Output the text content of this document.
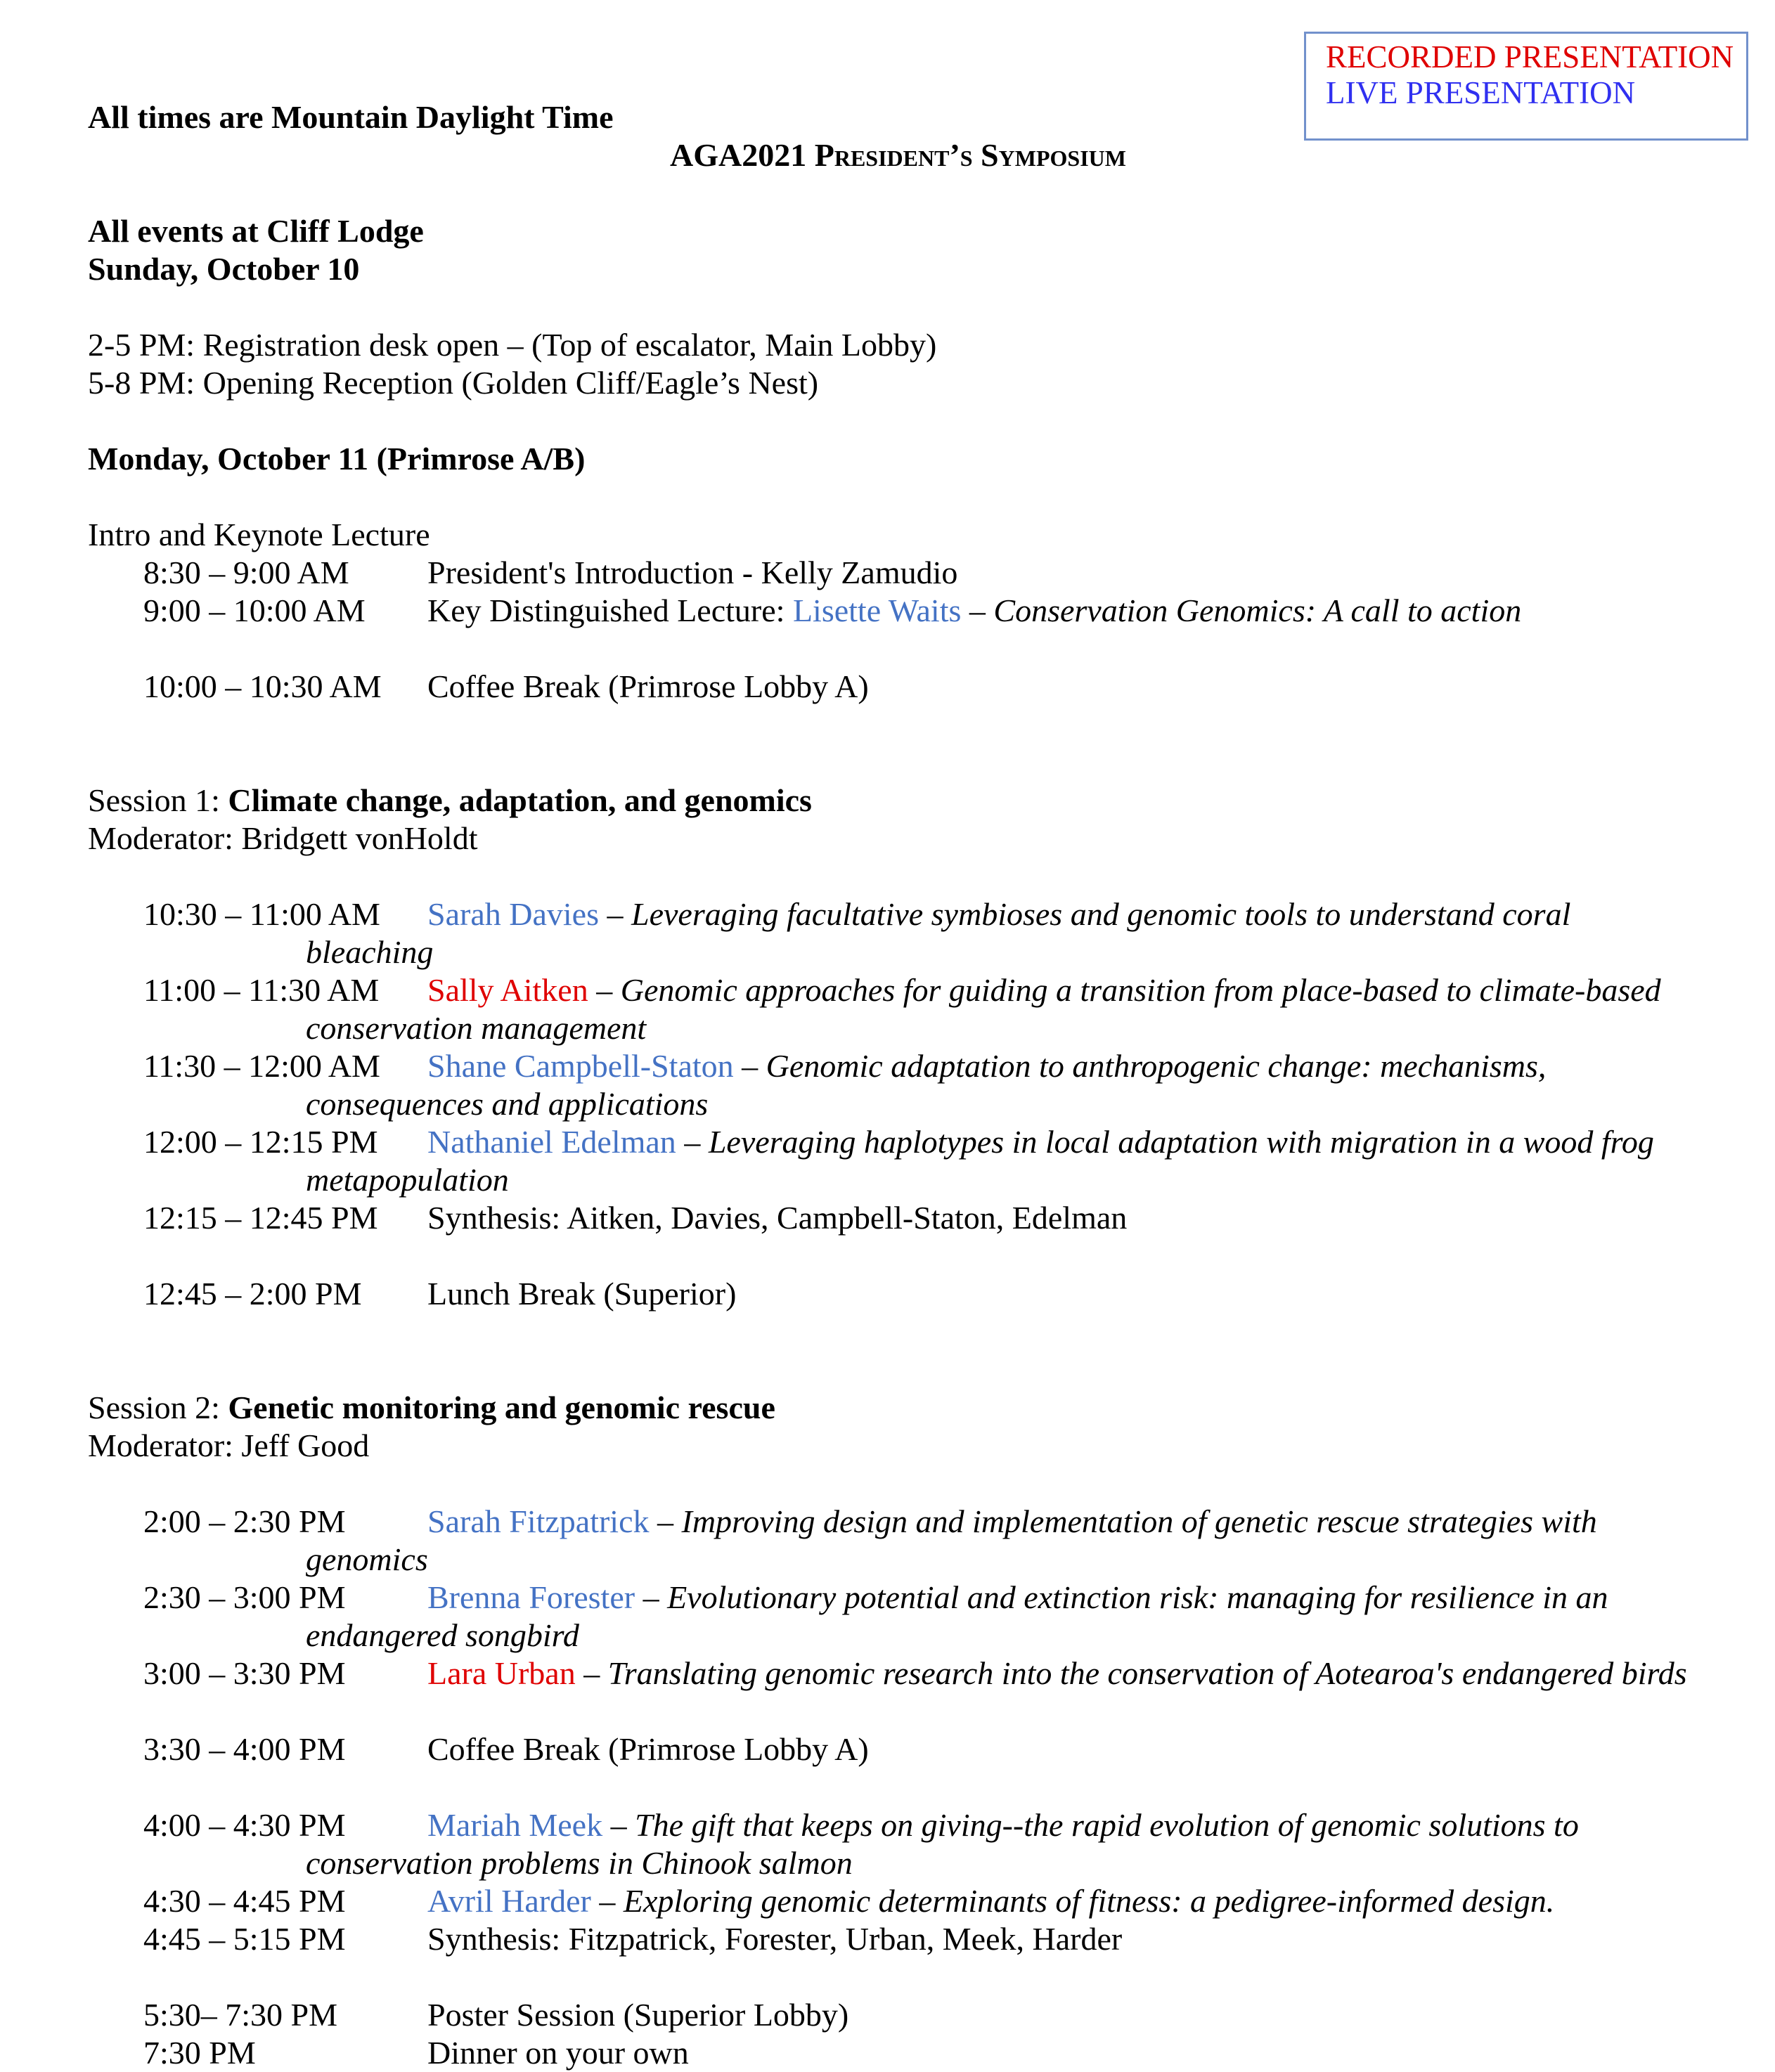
RECORDED PRESENTATION
LIVE PRESENTATION

All times are Mountain Daylight Time

AGA2021 President’s Symposium

All events at Cliff Lodge

Sunday, October 10

2-5 PM: Registration desk open – (Top of escalator, Main Lobby)

5-8 PM: Opening Reception (Golden Cliff/Eagle’s Nest)

Monday, October 11 (Primrose A/B)

Intro and Keynote Lecture

8:30 – 9:00 AM President's Introduction - Kelly Zamudio

9:00 – 10:00 AM Key Distinguished Lecture: Lisette Waits – Conservation Genomics: A call to action

10:00 – 10:30 AM Coffee Break (Primrose Lobby A)

Session 1: Climate change, adaptation, and genomics

Moderator: Bridgett vonHoldt

10:30 – 11:00 AM Sarah Davies – Leveraging facultative symbioses and genomic tools to understand coral
bleaching

11:00 – 11:30 AM Sally Aitken – Genomic approaches for guiding a transition from place-based to climate-based
conservation management

11:30 – 12:00 AM Shane Campbell-Staton – Genomic adaptation to anthropogenic change: mechanisms,
consequences and applications

12:00 – 12:15 PM Nathaniel Edelman – Leveraging haplotypes in local adaptation with migration in a wood frog
metapopulation

12:15 – 12:45 PM Synthesis: Aitken, Davies, Campbell-Staton, Edelman

12:45 – 2:00 PM Lunch Break (Superior)

Session 2: Genetic monitoring and genomic rescue

Moderator: Jeff Good

2:00 – 2:30 PM	Sarah Fitzpatrick – Improving design and implementation of genetic rescue strategies with
genomics

2:30 – 3:00 PM	Brenna Forester – Evolutionary potential and extinction risk: managing for resilience in an
endangered songbird

3:00 – 3:30 PM	Lara Urban – Translating genomic research into the conservation of Aotearoa's endangered birds

3:30 – 4:00 PM	Coffee Break (Primrose Lobby A)

4:00 – 4:30 PM	Mariah Meek – The gift that keeps on giving--the rapid evolution of genomic solutions to
conservation problems in Chinook salmon

4:30 – 4:45 PM	Avril Harder – Exploring genomic determinants of fitness: a pedigree-informed design.

4:45 – 5:15 PM	Synthesis: Fitzpatrick, Forester, Urban, Meek, Harder

5:30– 7:30 PM	Poster Session (Superior Lobby)

7:30 PM	Dinner on your own
